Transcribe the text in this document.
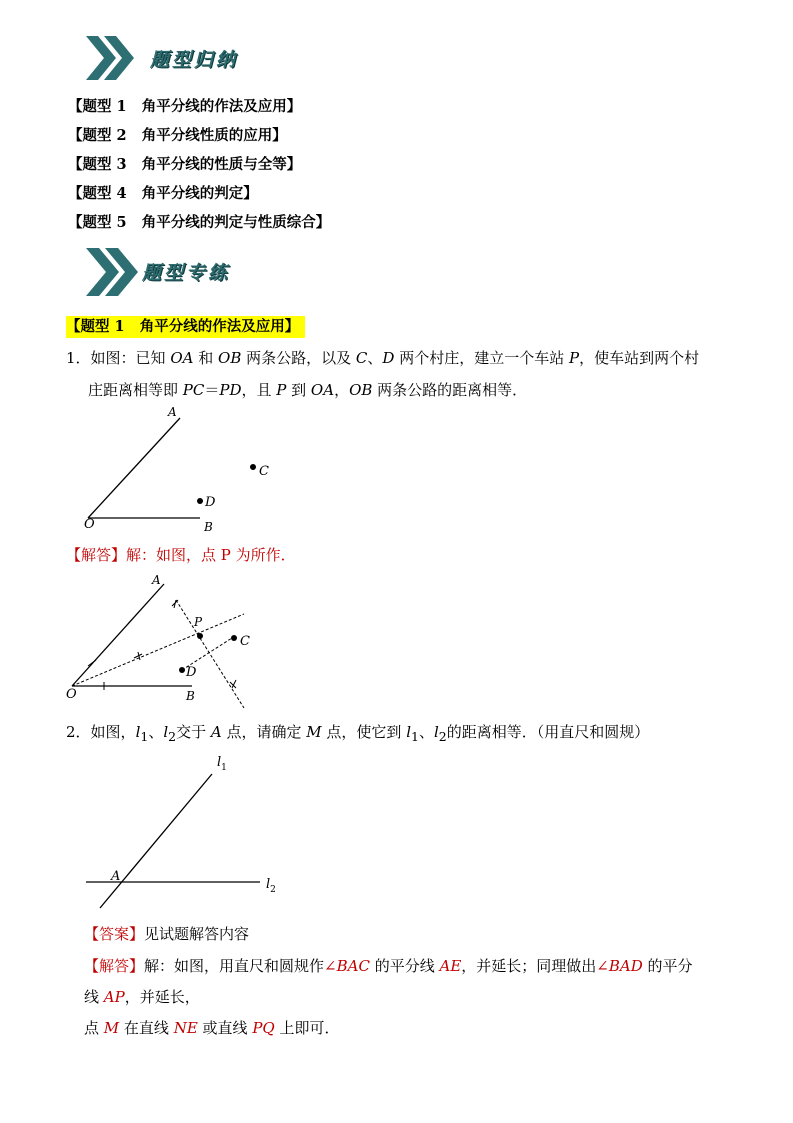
题型归纳
【题型 1 角平分线的作法及应用】
【题型 2 角平分线性质的应用】
【题型 3 角平分线的性质与全等】
【题型 4 角平分线的判定】
【题型 5 角平分线的判定与性质综合】
题型专练
【题型 1 角平分线的作法及应用】
1．如图：已知 OA 和 OB 两条公路，以及 C、D 两个村庄，建立一个车站 P，使车站到两个村
庄距离相等即 PC＝PD，且 P 到 OA，OB 两条公路的距离相等．
A
C
D
O	B
【解答】解：如图，点 P 为所作．
A
P
C
D
O	B
2．如图，$l_1$、$l_2$交于 A 点，请确定 M 点，使它到 $l_1$、$l_2$的距离相等．（用直尺和圆规）
$l_1$
A
$l_2$
【答案】见试题解答内容
【解答】解：如图，用直尺和圆规作∠BAC 的平分线 AE，并延长；同理做出∠BAD 的平分
线 AP，并延长，
点 M 在直线 NE 或直线 PQ 上即可．
